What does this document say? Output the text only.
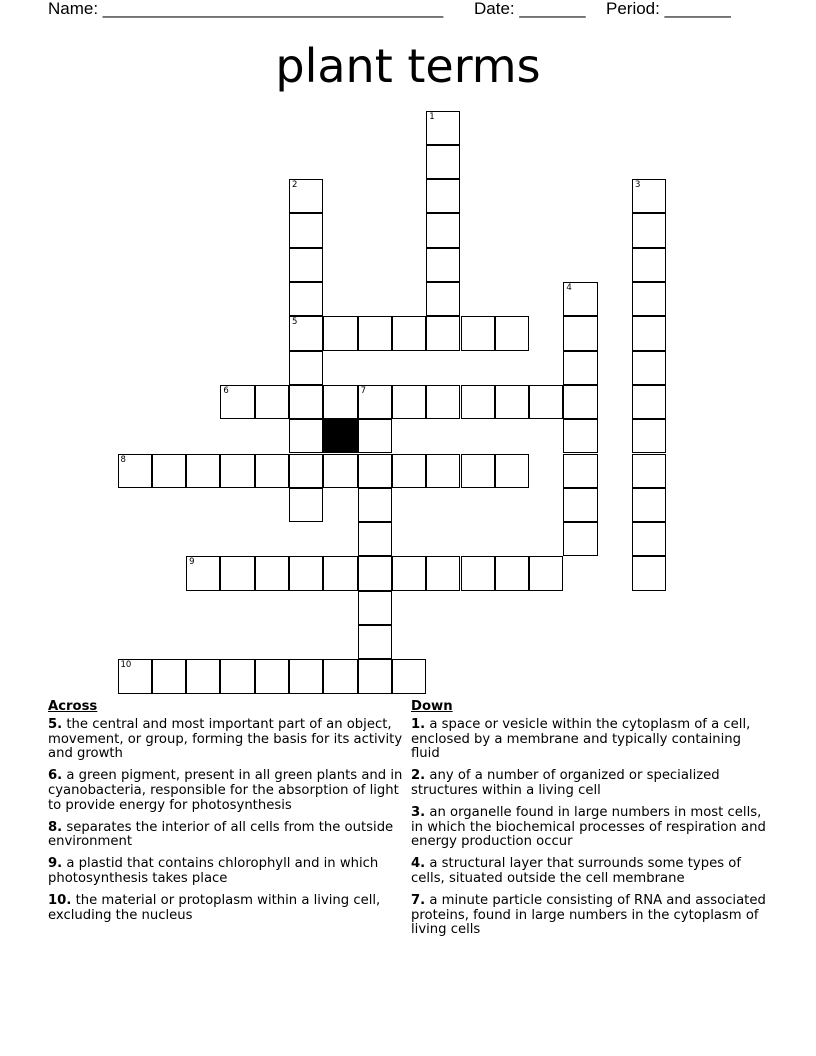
Name: ____________________________________ Date: _______ Period: _______
plant terms
1
2
5
3
4
6	7
8
9
10
Across
5. the central and most important part of an object, movement, or group, forming the basis for its activity and growth
6. a green pigment, present in all green plants and in cyanobacteria, responsible for the absorption of light to provide energy for photosynthesis
8. separates the interior of all cells from the outside environment
9. a plastid that contains chlorophyll and in which photosynthesis takes place
10. the material or protoplasm within a living cell, excluding the nucleus
Down
1. a space or vesicle within the cytoplasm of a cell, enclosed by a membrane and typically containing fluid
2. any of a number of organized or specialized structures within a living cell
3. an organelle found in large numbers in most cells, in which the biochemical processes of respiration and energy production occur
4. a structural layer that surrounds some types of cells, situated outside the cell membrane
7. a minute particle consisting of RNA and associated proteins, found in large numbers in the cytoplasm of living cells
